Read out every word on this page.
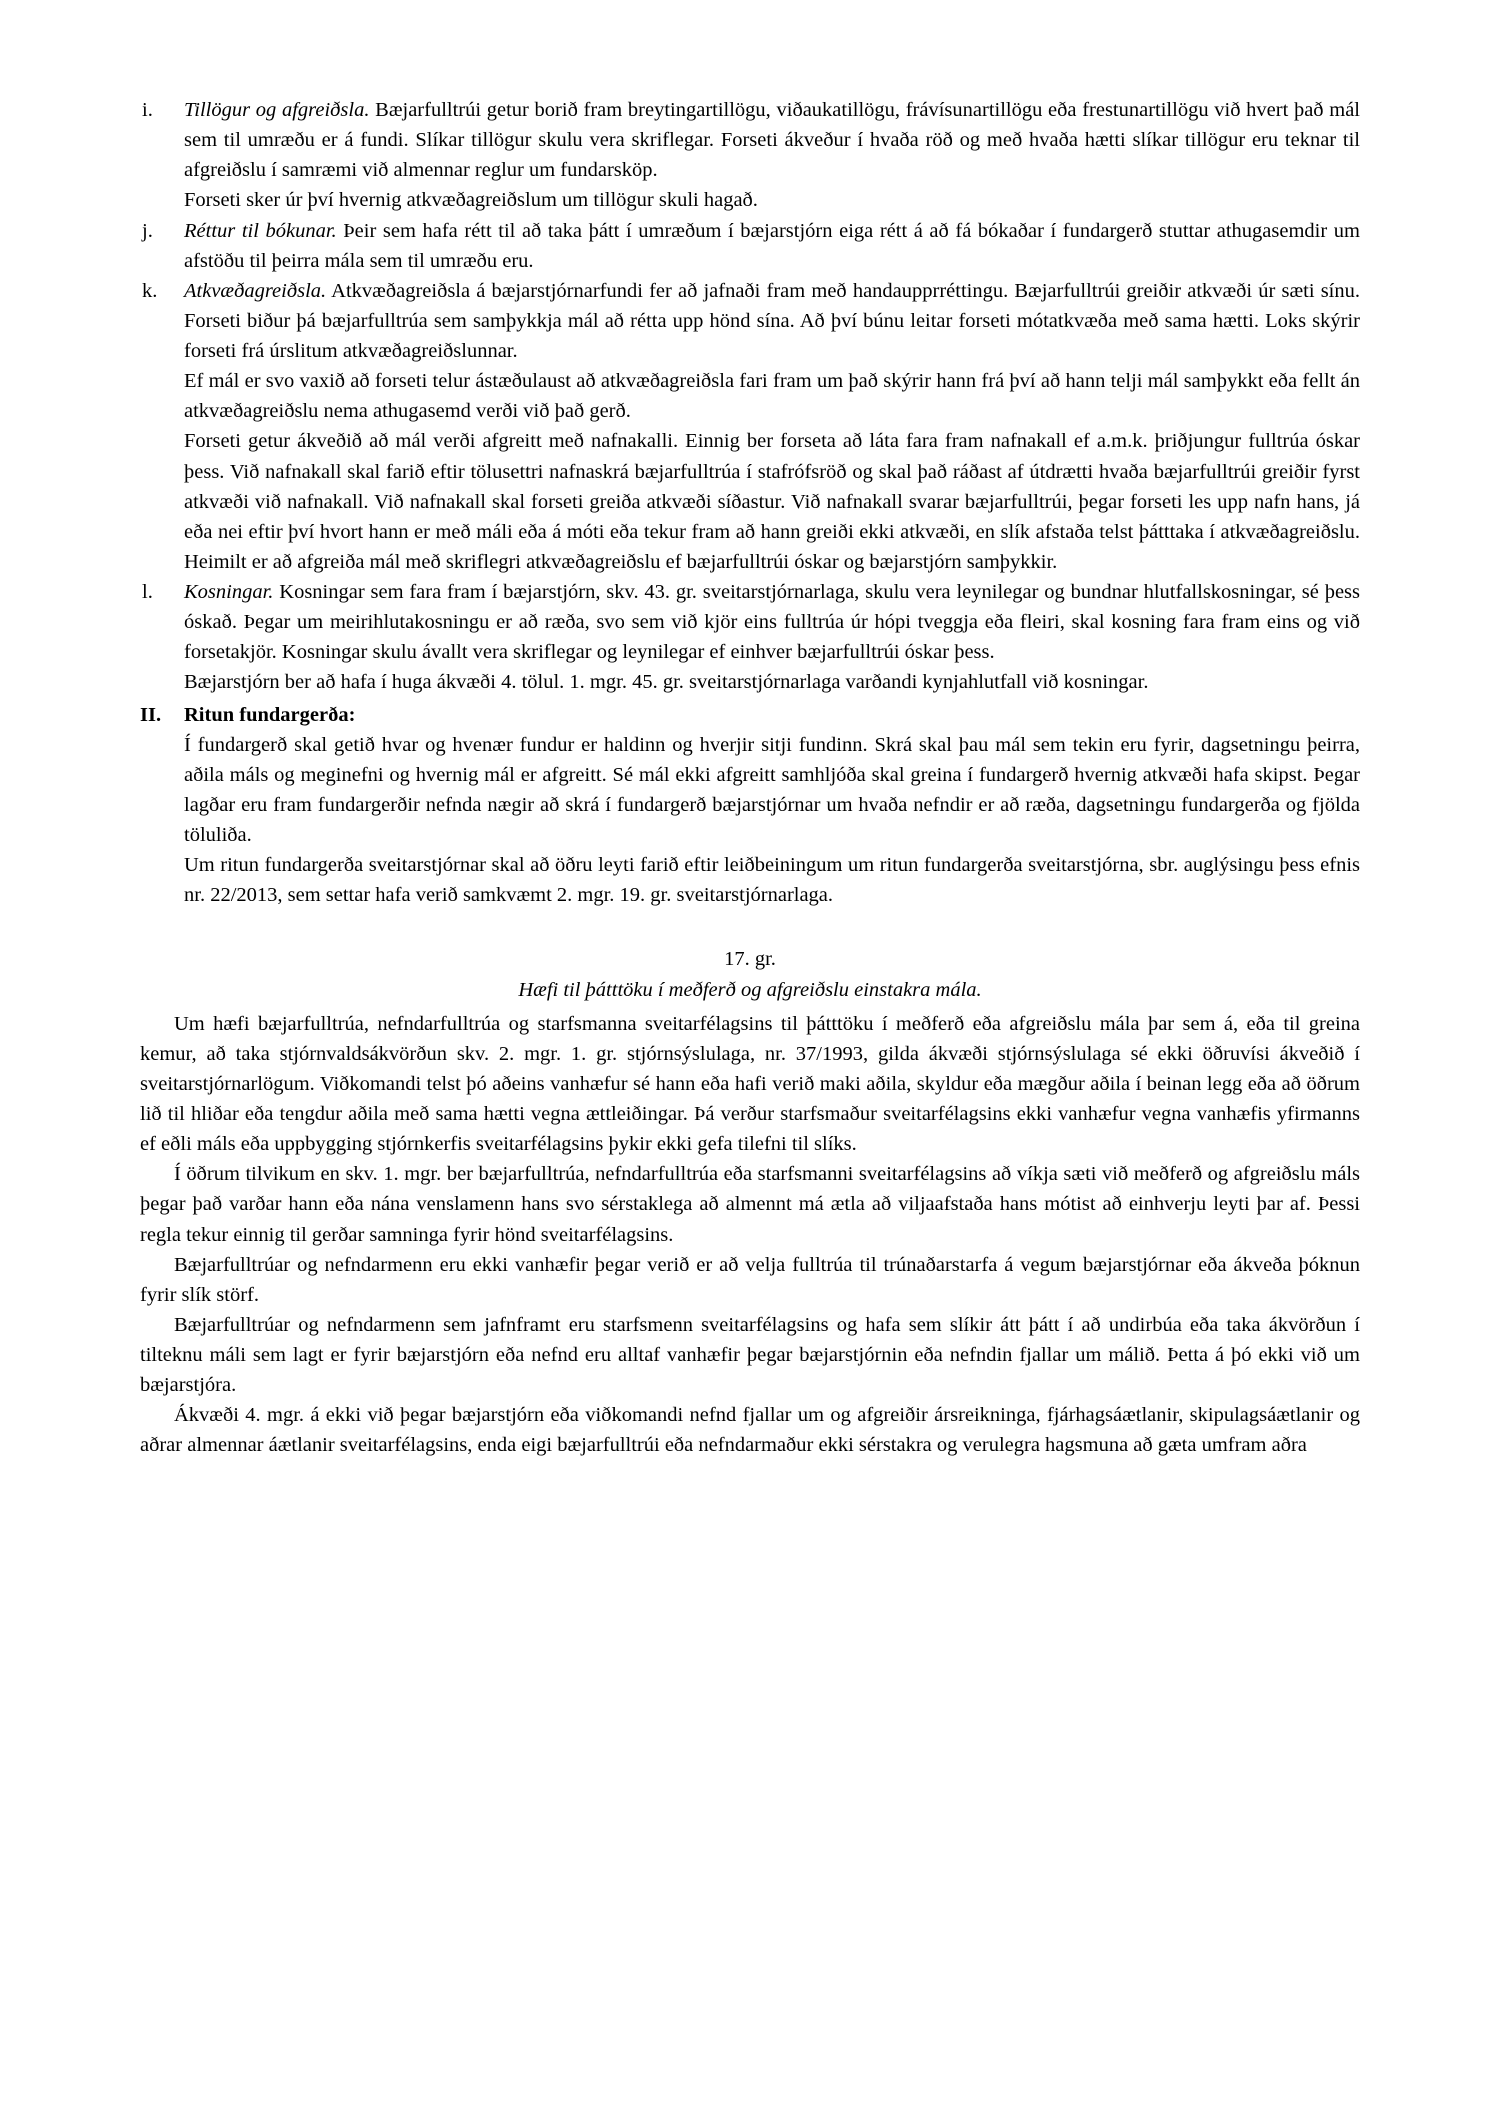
i.	Tillögur og afgreiðsla. Bæjarfulltrúi getur borið fram breytingartillögu, viðaukatillögu, frávísunartillögu eða frestunartillögu við hvert það mál sem til umræðu er á fundi. Slíkar tillögur skulu vera skriflegar. Forseti ákveður í hvaða röð og með hvaða hætti slíkar tillögur eru teknar til afgreiðslu í samræmi við almennar reglur um fundarsköp.

Forseti sker úr því hvernig atkvæðagreiðslum um tillögur skuli hagað.

j.	Réttur til bókunar. Þeir sem hafa rétt til að taka þátt í umræðum í bæjarstjórn eiga rétt á að fá bókaðar í fundargerð stuttar athugasemdir um afstöðu til þeirra mála sem til umræðu eru.

k.	Atkvæðagreiðsla. Atkvæðagreiðsla á bæjarstjórnarfundi fer að jafnaði fram með handaupprréttingu. Bæjarfulltrúi greiðir atkvæði úr sæti sínu. Forseti biður þá bæjarfulltrúa sem samþykkja mál að rétta upp hönd sína. Að því búnu leitar forseti mótatkvæða með sama hætti. Loks skýrir forseti frá úrslitum atkvæðagreiðslunnar.

Ef mál er svo vaxið að forseti telur ástæðulaust að atkvæðagreiðsla fari fram um það skýrir hann frá því að hann telji mál samþykkt eða fellt án atkvæðagreiðslu nema athugasemd verði við það gerð.

Forseti getur ákveðið að mál verði afgreitt með nafnakalli. Einnig ber forseta að láta fara fram nafnakall ef a.m.k. þriðjungur fulltrúa óskar þess. Við nafnakall skal farið eftir tölusettri nafnaskrá bæjarfulltrúa í stafrófsröð og skal það ráðast af útdrætti hvaða bæjarfulltrúi greiðir fyrst atkvæði við nafnakall. Við nafnakall skal forseti greiða atkvæði síðastur. Við nafnakall svarar bæjarfulltrúi, þegar forseti les upp nafn hans, já eða nei eftir því hvort hann er með máli eða á móti eða tekur fram að hann greiði ekki atkvæði, en slík afstaða telst þátttaka í atkvæðagreiðslu. Heimilt er að afgreiða mál með skriflegri atkvæðagreiðslu ef bæjarfulltrúi óskar og bæjarstjórn samþykkir.

l.	Kosningar. Kosningar sem fara fram í bæjarstjórn, skv. 43. gr. sveitarstjórnarlaga, skulu vera leynilegar og bundnar hlutfallskosningar, sé þess óskað. Þegar um meirihlutakosningu er að ræða, svo sem við kjör eins fulltrúa úr hópi tveggja eða fleiri, skal kosning fara fram eins og við forsetakjör. Kosningar skulu ávallt vera skriflegar og leynilegar ef einhver bæjarfulltrúi óskar þess.

Bæjarstjórn ber að hafa í huga ákvæði 4. tölul. 1. mgr. 45. gr. sveitarstjórnarlaga varðandi kynjahlutfall við kosningar.

II.	Ritun fundargerða:

Í fundargerð skal getið hvar og hvenær fundur er haldinn og hverjir sitji fundinn. Skrá skal þau mál sem tekin eru fyrir, dagsetningu þeirra, aðila máls og meginefni og hvernig mál er afgreitt. Sé mál ekki afgreitt samhljóða skal greina í fundargerð hvernig atkvæði hafa skipst. Þegar lagðar eru fram fundargerðir nefnda nægir að skrá í fundargerð bæjarstjórnar um hvaða nefndir er að ræða, dagsetningu fundargerða og fjölda töluliða.

Um ritun fundargerða sveitarstjórnar skal að öðru leyti farið eftir leiðbeiningum um ritun fundargerða sveitarstjórna, sbr. auglýsingu þess efnis nr. 22/2013, sem settar hafa verið samkvæmt 2. mgr. 19. gr. sveitarstjórnarlaga.

17. gr.

Hæfi til þátttöku í meðferð og afgreiðslu einstakra mála.

Um hæfi bæjarfulltrúa, nefndarfulltrúa og starfsmanna sveitarfélagsins til þátttöku í meðferð eða afgreiðslu mála þar sem á, eða til greina kemur, að taka stjórnvaldsákvörðun skv. 2. mgr. 1. gr. stjórnsýslulaga, nr. 37/1993, gilda ákvæði stjórnsýslulaga sé ekki öðruvísi ákveðið í sveitarstjórnarlögum. Viðkomandi telst þó aðeins vanhæfur sé hann eða hafi verið maki aðila, skyldur eða mægður aðila í beinan legg eða að öðrum lið til hliðar eða tengdur aðila með sama hætti vegna ættleiðingar. Þá verður starfsmaður sveitarfélagsins ekki vanhæfur vegna vanhæfis yfirmanns ef eðli máls eða uppbygging stjórnkerfis sveitarfélagsins þykir ekki gefa tilefni til slíks.

Í öðrum tilvikum en skv. 1. mgr. ber bæjarfulltrúa, nefndarfulltrúa eða starfsmanni sveitarfélagsins að víkja sæti við meðferð og afgreiðslu máls þegar það varðar hann eða nána venslamenn hans svo sérstaklega að almennt má ætla að viljaafstaða hans mótist að einhverju leyti þar af. Þessi regla tekur einnig til gerðar samninga fyrir hönd sveitarfélagsins.

Bæjarfulltrúar og nefndarmenn eru ekki vanhæfir þegar verið er að velja fulltrúa til trúnaðarstarfa á vegum bæjarstjórnar eða ákveða þóknun fyrir slík störf.

Bæjarfulltrúar og nefndarmenn sem jafnframt eru starfsmenn sveitarfélagsins og hafa sem slíkir átt þátt í að undirbúa eða taka ákvörðun í tilteknu máli sem lagt er fyrir bæjarstjórn eða nefnd eru alltaf vanhæfir þegar bæjarstjórnin eða nefndin fjallar um málið. Þetta á þó ekki við um bæjarstjóra.

Ákvæði 4. mgr. á ekki við þegar bæjarstjórn eða viðkomandi nefnd fjallar um og afgreiðir ársreikninga, fjárhagsáætlanir, skipulagsáætlanir og aðrar almennar áætlanir sveitarfélagsins, enda eigi bæjarfulltrúi eða nefndarmaður ekki sérstakra og verulegra hagsmuna að gæta umfram aðra
